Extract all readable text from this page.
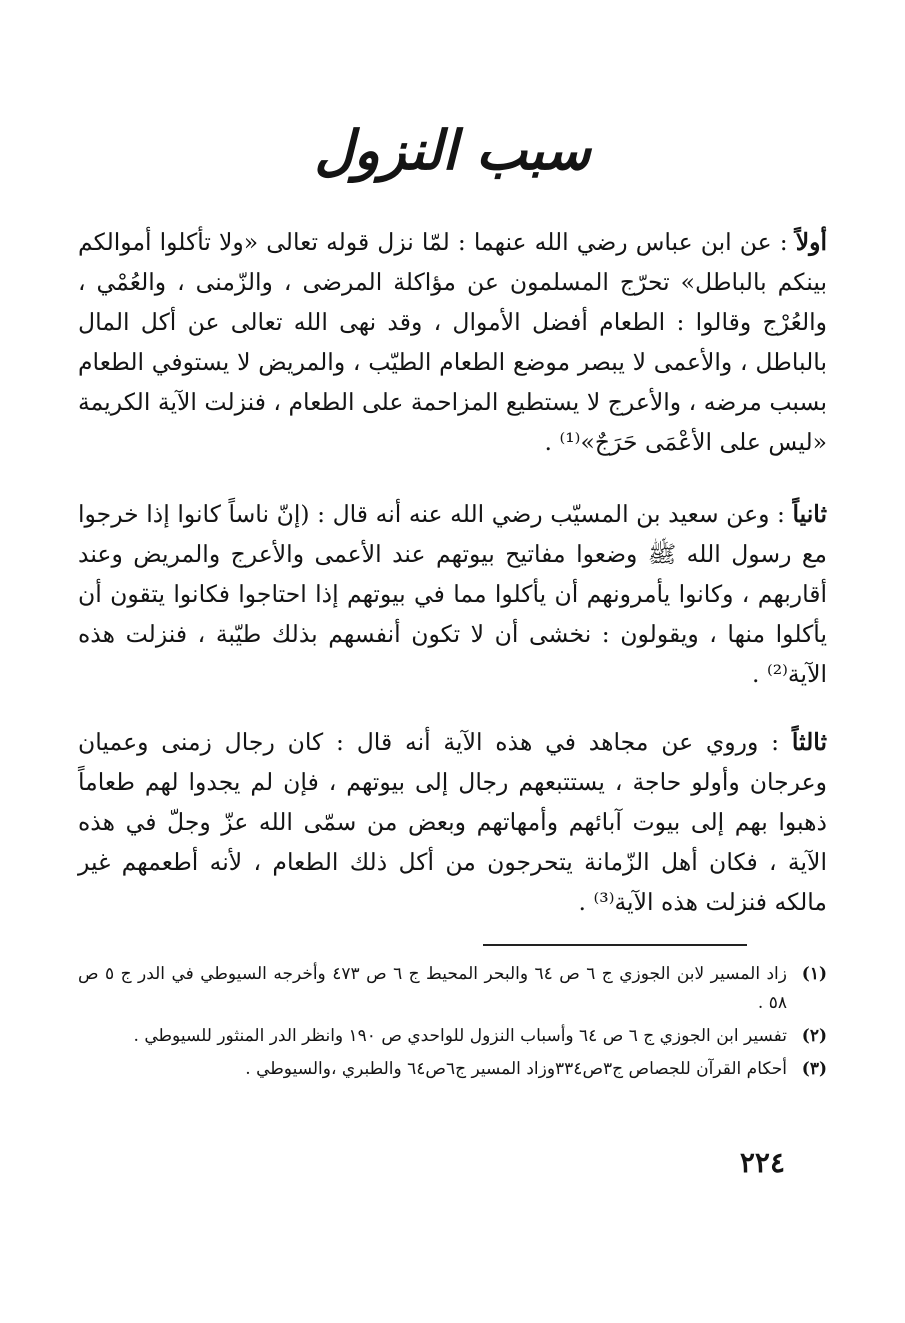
سبب النزول

أولاً : عن ابن عباس رضي الله عنهما : لمّا نزل قوله تعالى «ولا تأكلوا أموالكم بينكم بالباطل» تحرّج المسلمون عن مؤاكلة المرضى ، والزّمنى ، والعُمْي ، والعُرْج وقالوا : الطعام أفضل الأموال ، وقد نهى الله تعالى عن أكل المال بالباطل ، والأعمى لا يبصر موضع الطعام الطيّب ، والمريض لا يستوفي الطعام بسبب مرضه ، والأعرج لا يستطيع المزاحمة على الطعام ، فنزلت الآية الكريمة «ليس على الأعْمَى حَرَجٌ»⁽¹⁾ .

ثانياً : وعن سعيد بن المسيّب رضي الله عنه أنه قال : (إنّ ناساً كانوا إذا خرجوا مع رسول الله ﷺ وضعوا مفاتيح بيوتهم عند الأعمى والأعرج والمريض وعند أقاربهم ، وكانوا يأمرونهم أن يأكلوا مما في بيوتهم إذا احتاجوا فكانوا يتقون أن يأكلوا منها ، ويقولون : نخشى أن لا تكون أنفسهم بذلك طيّبة ، فنزلت هذه الآية⁽²⁾ .

ثالثاً : وروي عن مجاهد في هذه الآية أنه قال : كان رجال زمنى وعميان وعرجان وأولو حاجة ، يستتبعهم رجال إلى بيوتهم ، فإن لم يجدوا لهم طعاماً ذهبوا بهم إلى بيوت آبائهم وأمهاتهم وبعض من سمّى الله عزّ وجلّ في هذه الآية ، فكان أهل الزّمانة يتحرجون من أكل ذلك الطعام ، لأنه أطعمهم غير مالكه فنزلت هذه الآية⁽³⁾ .

(١)
زاد المسير لابن الجوزي ج ٦ ص ٦٤ والبحر المحيط ج ٦ ص ٤٧٣ وأخرجه السيوطي في الدر ج ٥ ص ٥٨ .
(٢)
تفسير ابن الجوزي ج ٦ ص ٦٤ وأسباب النزول للواحدي ص ١٩٠ وانظر الدر المنثور للسيوطي .
(٣)
أحكام القرآن للجصاص ج٣ص٣٣٤وزاد المسير ج٦ص٦٤ والطبري ،والسيوطي .
٢٢٤
